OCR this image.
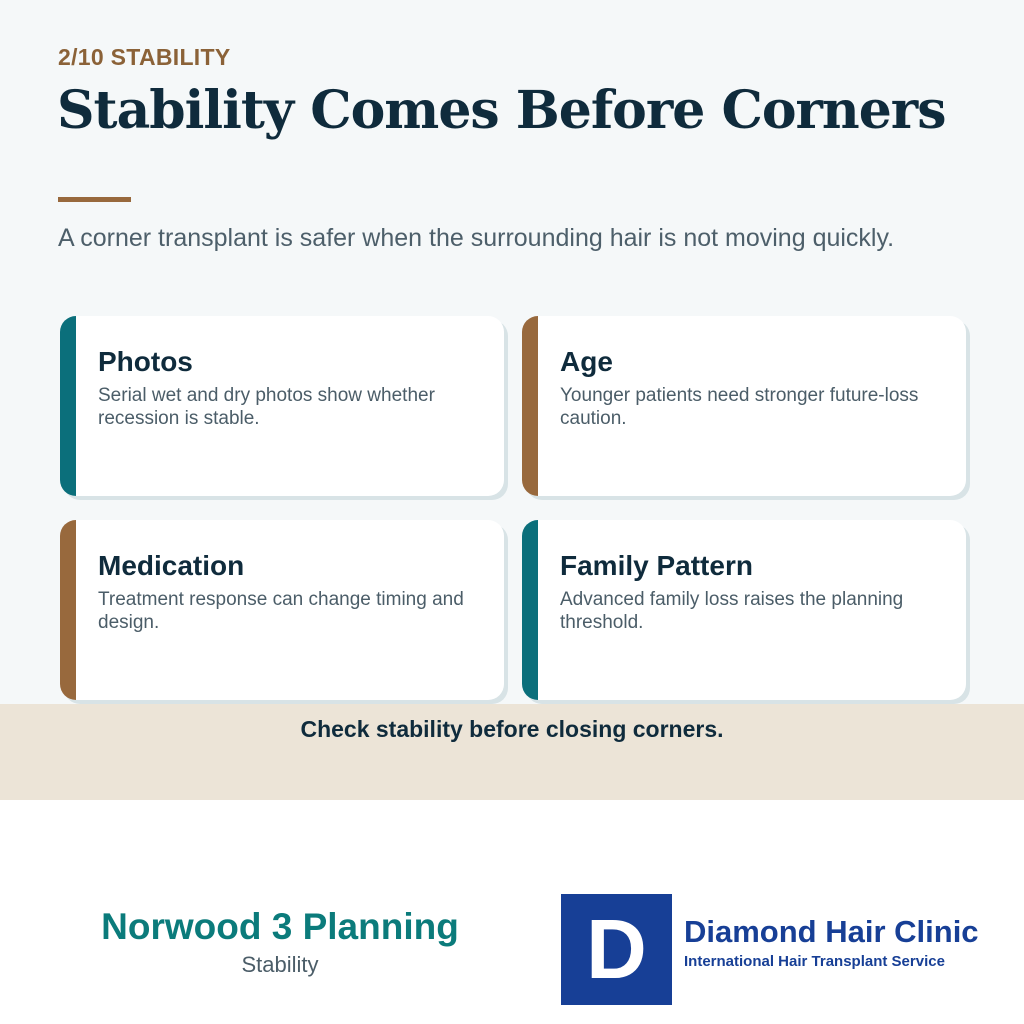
2/10 STABILITY
Stability Comes Before Corners
A corner transplant is safer when the surrounding hair is not moving quickly.
Photos
Serial wet and dry photos show whether recession is stable.
Age
Younger patients need stronger future-loss caution.
Medication
Treatment response can change timing and design.
Family Pattern
Advanced family loss raises the planning threshold.
Check stability before closing corners.
Norwood 3 Planning
Stability	D	Diamond Hair Clinic
International Hair Transplant Service
